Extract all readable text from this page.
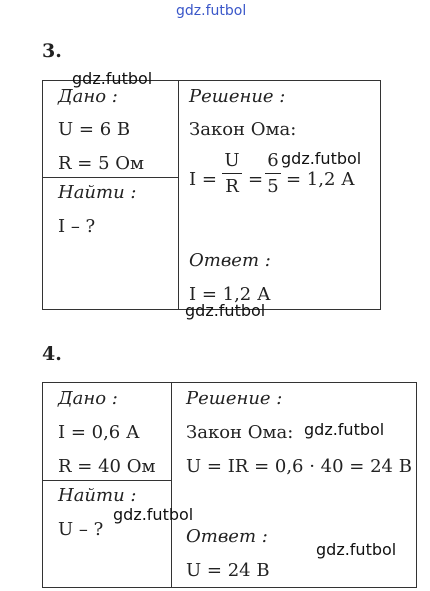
gdz.futbol
3.
Дано :
U = 6 В
R = 5 Ом
Найти :
I – ?
Решение :
Закон Ома:
I =
U
R =
6
5 = 1,2 А
Ответ :
I = 1,2 А
gdz.futbol
gdz.futbol
gdz.futbol
4.
Дано :
I = 0,6 А
R = 40 Ом
Найти :
U – ?
Решение :
Закон Ома:
U = IR = 0,6 · 40 = 24 В
Ответ :
U = 24 В
gdz.futbol
gdz.futbol
gdz.futbol
